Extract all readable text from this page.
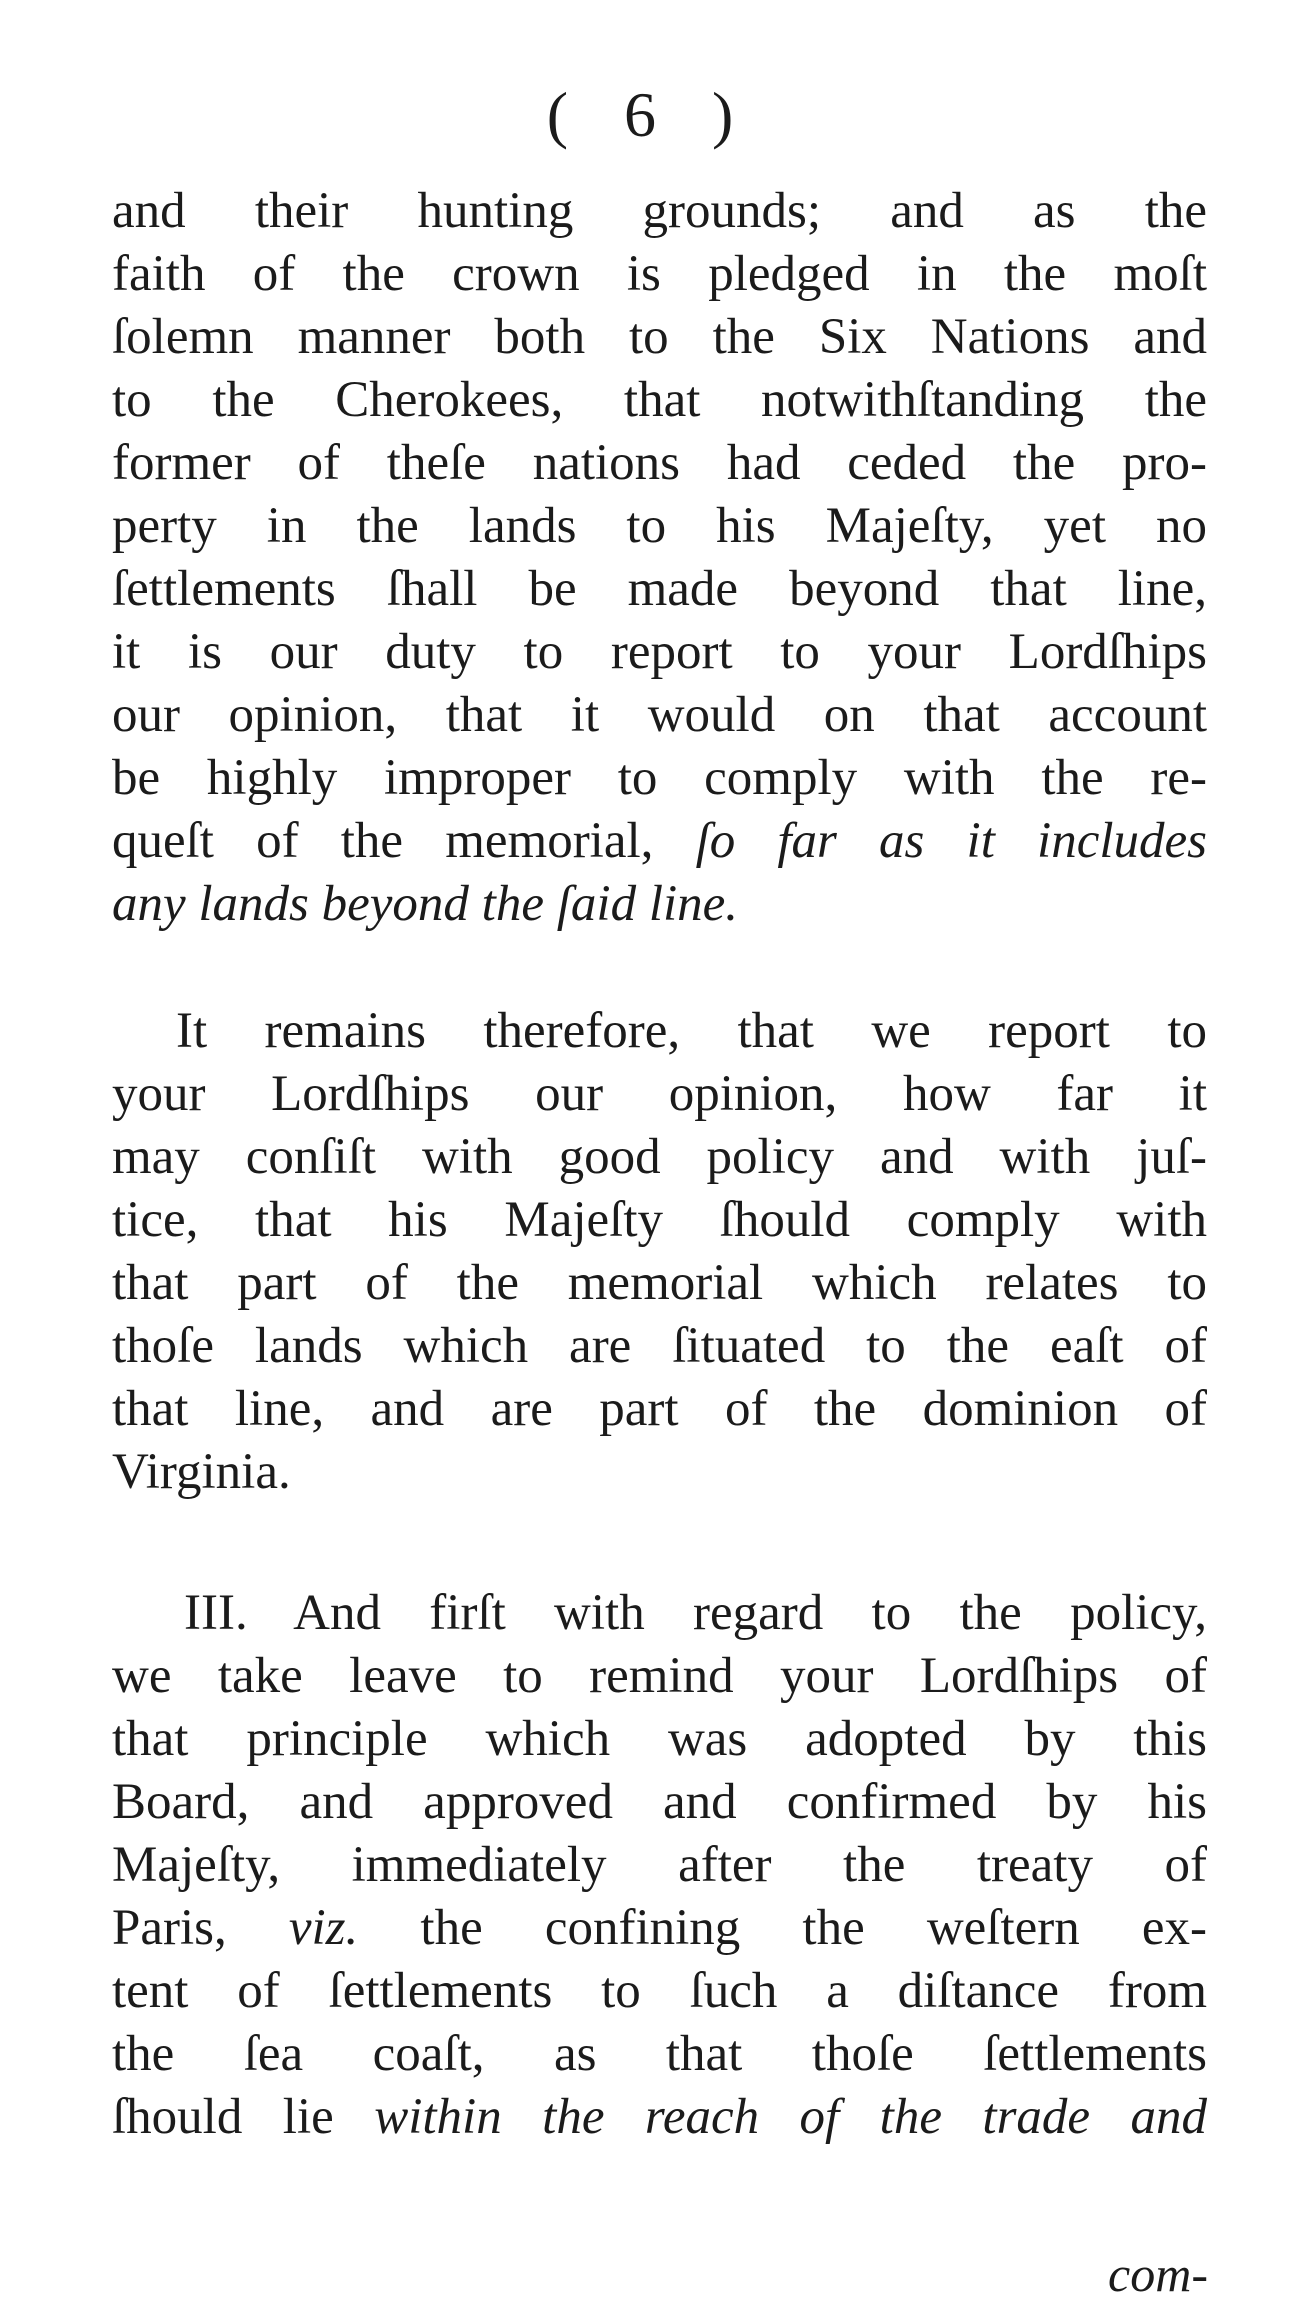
( 6 )
and their hunting grounds; and as the
faith of the crown is pledged in the moſt
ſolemn manner both to the Six Nations and
to the Cherokees, that notwithſtanding the
former of theſe nations had ceded the pro-
perty in the lands to his Majeſty, yet no
ſettlements ſhall be made beyond that line,
it is our duty to report to your Lordſhips
our opinion, that it would on that account
be highly improper to comply with the re-
queſt of the memorial, ſo far as it includes
any lands beyond the ſaid line.
It remains therefore, that we report to
your Lordſhips our opinion, how far it
may conſiſt with good policy and with juſ-
tice, that his Majeſty ſhould comply with
that part of the memorial which relates to
thoſe lands which are ſituated to the eaſt of
that line, and are part of the dominion of
Virginia.
III. And firſt with regard to the policy,
we take leave to remind your Lordſhips of
that principle which was adopted by this
Board, and approved and confirmed by his
Majeſty, immediately after the treaty of
Paris, viz. the confining the weſtern ex-
tent of ſettlements to ſuch a diſtance from
the ſea coaſt, as that thoſe ſettlements
ſhould lie within the reach of the trade and
com-
